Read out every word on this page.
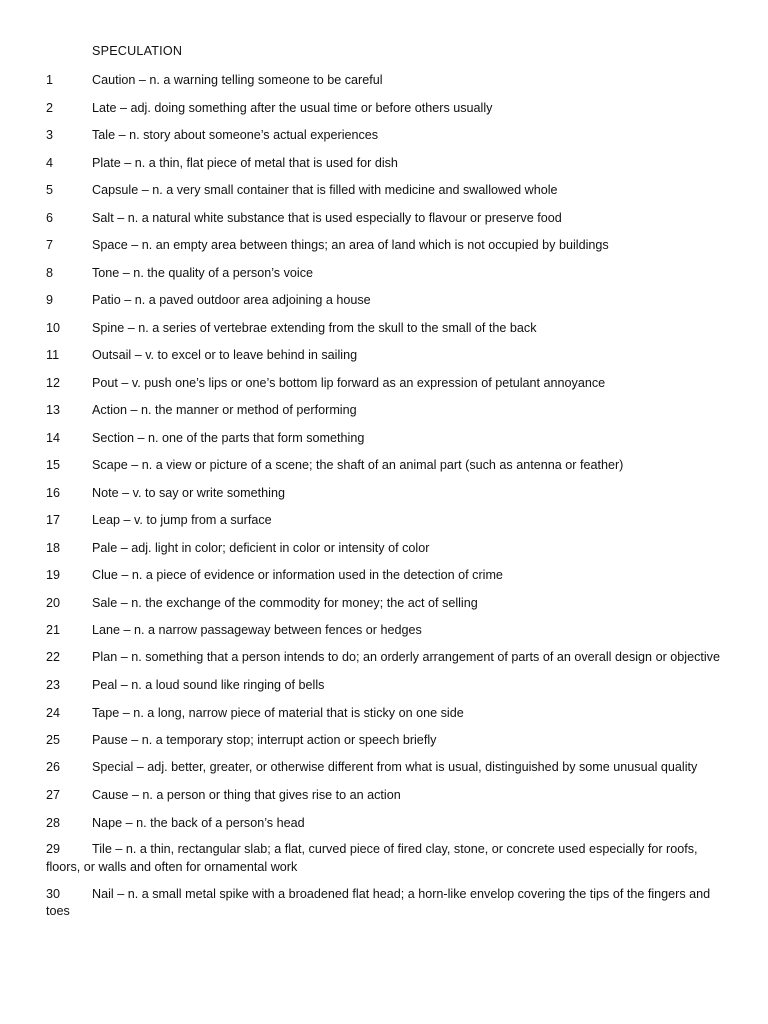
SPECULATION
1	Caution – n. a warning telling someone to be careful
2	Late – adj. doing something after the usual time or before others usually
3	Tale – n. story about someone’s actual experiences
4	Plate – n. a thin, flat piece of metal that is used for dish
5	Capsule – n. a very small container that is filled with medicine and swallowed whole
6	Salt – n. a natural white substance that is used especially to flavour or preserve food
7	Space – n. an empty area between things; an area of land which is not occupied by buildings
8	Tone – n. the quality of a person’s voice
9	Patio – n. a paved outdoor area adjoining a house
10	Spine – n. a series of vertebrae extending from the skull to the small of the back
11	Outsail – v. to excel or to leave behind in sailing
12	Pout – v. push one’s lips or one’s bottom lip forward as an expression of petulant annoyance
13	Action – n. the manner or method of performing
14	Section – n. one of the parts that form something
15	Scape – n. a view or picture of a scene; the shaft of an animal part (such as antenna or feather)
16	Note – v. to say or write something
17	Leap – v. to jump from a surface
18	Pale – adj. light in color; deficient in color or intensity of color
19	Clue – n. a piece of evidence or information used in the detection of crime
20	Sale – n. the exchange of the commodity for money; the act of selling
21	Lane – n. a narrow passageway between fences or hedges
22	Plan – n. something that a person intends to do; an orderly arrangement of parts of an overall design or objective
23	Peal – n. a loud sound like ringing of bells
24	Tape – n. a long, narrow piece of material that is sticky on one side
25	Pause – n. a temporary stop; interrupt action or speech briefly
26	Special – adj. better, greater, or otherwise different from what is usual, distinguished by some unusual quality
27	Cause – n. a person or thing that gives rise to an action
28	Nape – n. the back of a person’s head
29	Tile – n. a thin, rectangular slab; a flat, curved piece of fired clay, stone, or concrete used especially for roofs, floors, or walls and often for ornamental work
30	Nail – n. a small metal spike with a broadened flat head; a horn-like envelop covering the tips of the fingers and toes
